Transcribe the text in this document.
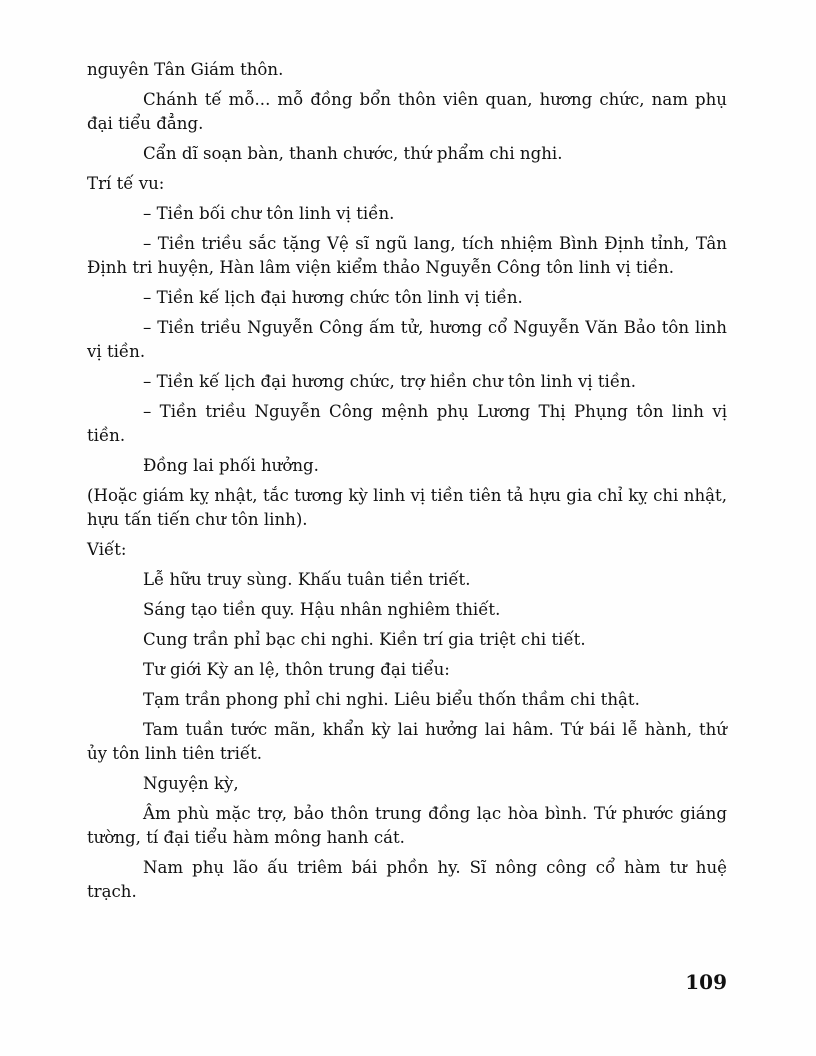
nguyên Tân Giám thôn.

Chánh tế mỗ... mỗ đồng bổn thôn viên quan, hương chức, nam phụ đại tiểu đẳng.

Cẩn dĩ soạn bàn, thanh chước, thứ phẩm chi nghi.

Trí tế vu:

– Tiền bối chư tôn linh vị tiền.

– Tiền triều sắc tặng Vệ sĩ ngũ lang, tích nhiệm Bình Định tỉnh, Tân Định tri huyện, Hàn lâm viện kiểm thảo Nguyễn Công tôn linh vị tiền.

– Tiền kế lịch đại hương chức tôn linh vị tiền.

– Tiền triều Nguyễn Công ấm tử, hương cổ Nguyễn Văn Bảo tôn linh vị tiền.

– Tiền kế lịch đại hương chức, trợ hiền chư tôn linh vị tiền.

– Tiền triều Nguyễn Công mệnh phụ Lương Thị Phụng tôn linh vị tiền.

Đồng lai phối hưởng.

(Hoặc giám kỵ nhật, tắc tương kỳ linh vị tiền tiên tả hựu gia chỉ kỵ chi nhật, hựu tấn tiến chư tôn linh).

Viết:

Lễ hữu truy sùng. Khấu tuân tiền triết.

Sáng tạo tiền quy. Hậu nhân nghiêm thiết.

Cung trần phỉ bạc chi nghi. Kiền trí gia triệt chi tiết.

Tư giới Kỳ an lệ, thôn trung đại tiểu:

Tạm trần phong phỉ chi nghi. Liêu biểu thốn thầm chi thật.

Tam tuần tước mãn, khẩn kỳ lai hưởng lai hâm. Tứ bái lễ hành, thứ ủy tôn linh tiên triết.

Nguyện kỳ,

Âm phù mặc trợ, bảo thôn trung đồng lạc hòa bình. Tứ phước giáng tường, tí đại tiểu hàm mông hanh cát.

Nam phụ lão ấu triêm bái phồn hy. Sĩ nông công cổ hàm tư huệ trạch.

109
